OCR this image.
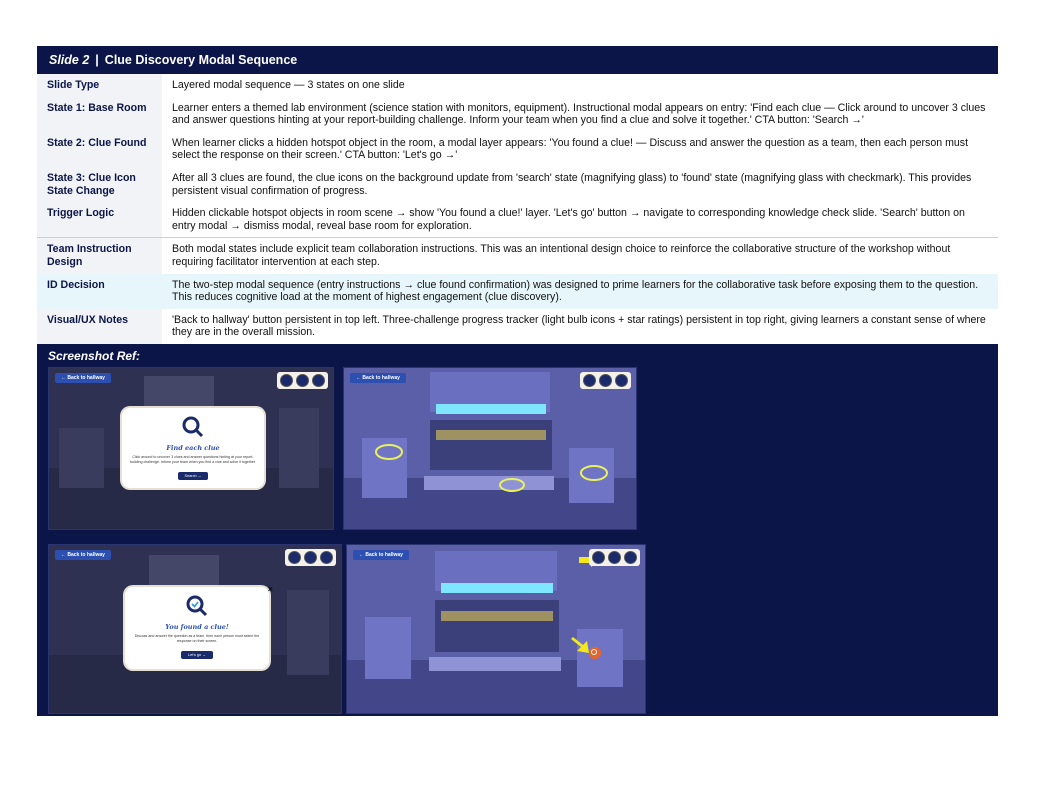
Slide 2 | Clue Discovery Modal Sequence
Slide Type	Layered modal sequence — 3 states on one slide
State 1: Base Room	Learner enters a themed lab environment (science station with monitors, equipment). Instructional modal appears on entry: 'Find each clue — Click around to uncover 3 clues and answer questions hinting at your report-building challenge. Inform your team when you find a clue and solve it together.' CTA button: 'Search →'
State 2: Clue Found	When learner clicks a hidden hotspot object in the room, a modal layer appears: 'You found a clue! — Discuss and answer the question as a team, then each person must select the response on their screen.' CTA button: 'Let's go →'
State 3: Clue Icon State Change	After all 3 clues are found, the clue icons on the background update from 'search' state (magnifying glass) to 'found' state (magnifying glass with checkmark). This provides persistent visual confirmation of progress.
Trigger Logic	Hidden clickable hotspot objects in room scene → show 'You found a clue!' layer. 'Let's go' button → navigate to corresponding knowledge check slide. 'Search' button on entry modal → dismiss modal, reveal base room for exploration.
Team Instruction Design	Both modal states include explicit team collaboration instructions. This was an intentional design choice to reinforce the collaborative structure of the workshop without requiring facilitator intervention at each step.
ID Decision	The two-step modal sequence (entry instructions → clue found confirmation) was designed to prime learners for the collaborative task before exposing them to the question. This reduces cognitive load at the moment of highest engagement (clue discovery).
Visual/UX Notes	'Back to hallway' button persistent in top left. Three-challenge progress tracker (light bulb icons + star ratings) persistent in top right, giving learners a constant sense of where they are in the overall mission.
Screenshot Ref:
← Back to hallway
Find each clue
Click around to uncover 3 clues and answer questions hinting at your report-building challenge. Inform your team when you find a clue and solve it together.
Search →
← Back to hallway
← Back to hallway
×
You found a clue!
Discuss and answer the question as a team, then each person must select the response on their screen.
Let's go →
← Back to hallway
